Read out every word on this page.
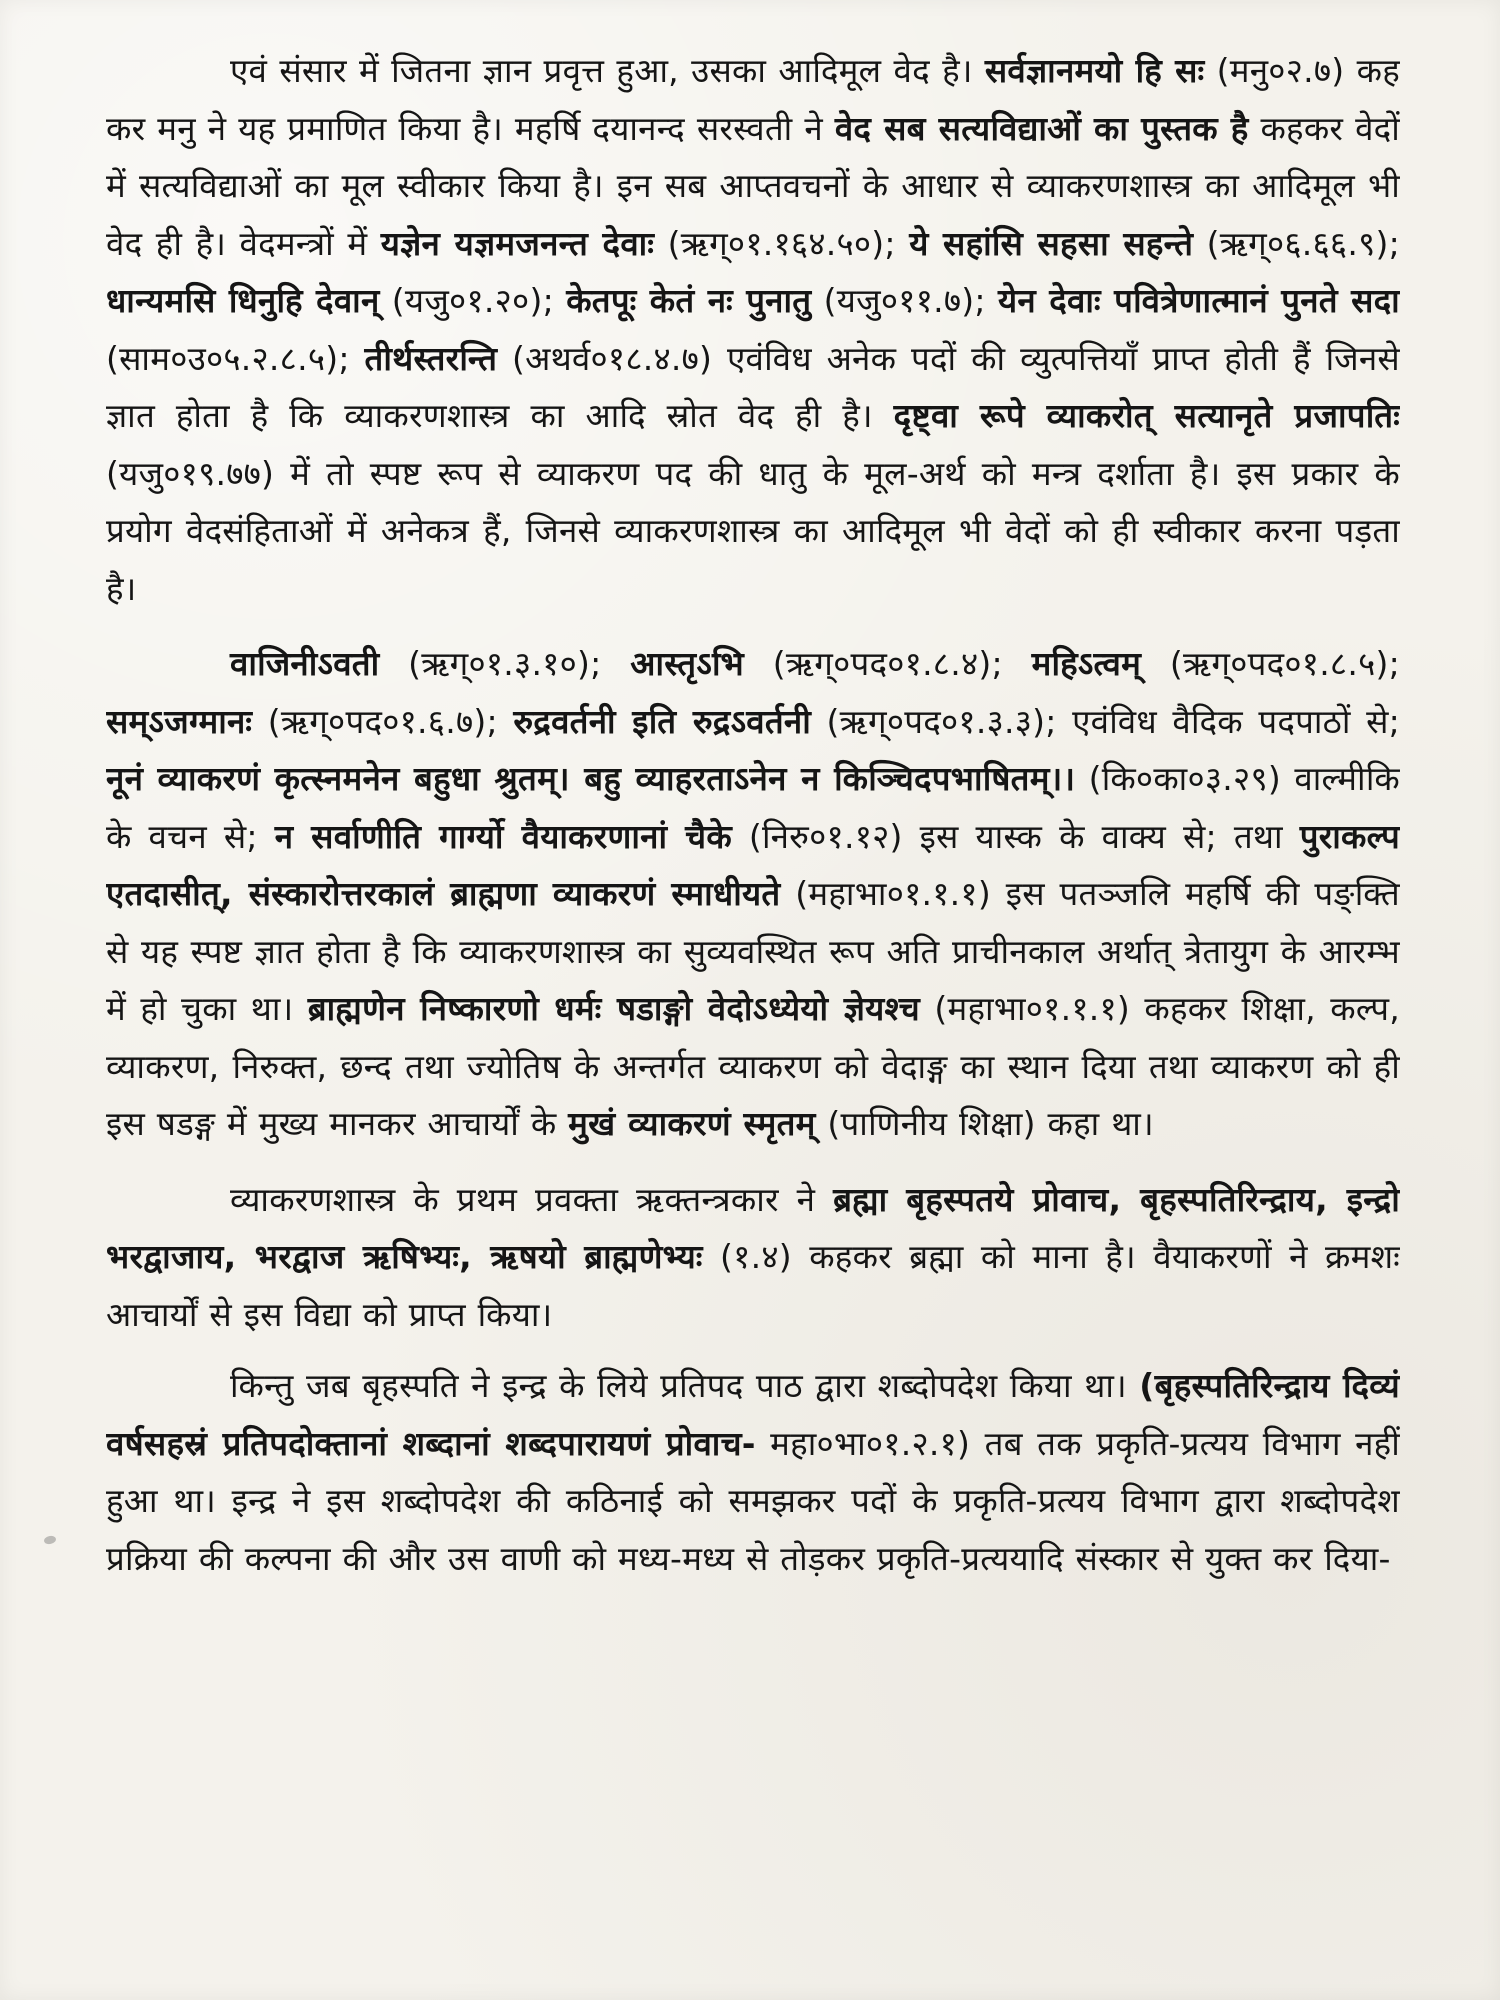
एवं संसार में जितना ज्ञान प्रवृत्त हुआ, उसका आदिमूल वेद है। सर्वज्ञानमयो हि सः (मनु०२.७) कह कर मनु ने यह प्रमाणित किया है। महर्षि दयानन्द सरस्वती ने वेद सब सत्यविद्याओं का पुस्तक है कहकर वेदों में सत्यविद्याओं का मूल स्वीकार किया है। इन सब आप्तवचनों के आधार से व्याकरणशास्त्र का आदिमूल भी वेद ही है। वेदमन्त्रों में यज्ञेन यज्ञमजनन्त देवाः (ऋग्०१.१६४.५०); ये सहांसि सहसा सहन्ते (ऋग्०६.६६.९); धान्यमसि धिनुहि देवान् (यजु०१.२०); केतपूः केतं नः पुनातु (यजु०११.७); येन देवाः पवित्रेणात्मानं पुनते सदा (साम०उ०५.२.८.५); तीर्थस्तरन्ति (अथर्व०१८.४.७) एवंविध अनेक पदों की व्युत्पत्तियाँ प्राप्त होती हैं जिनसे ज्ञात होता है कि व्याकरणशास्त्र का आदि स्रोत वेद ही है। दृष्ट्वा रूपे व्याकरोत् सत्यानृते प्रजापतिः (यजु०१९.७७) में तो स्पष्ट रूप से व्याकरण पद की धातु के मूल-अर्थ को मन्त्र दर्शाता है। इस प्रकार के प्रयोग वेदसंहिताओं में अनेकत्र हैं, जिनसे व्याकरणशास्त्र का आदिमूल भी वेदों को ही स्वीकार करना पड़ता है।

वाजिनीऽवती (ऋग्०१.३.१०); आस्तृऽभि (ऋग्०पद०१.८.४); महिऽत्वम् (ऋग्०पद०१.८.५); सम्ऽजग्मानः (ऋग्०पद०१.६.७); रुद्रवर्तनी इति रुद्रऽवर्तनी (ऋग्०पद०१.३.३); एवंविध वैदिक पदपाठों से; नूनं व्याकरणं कृत्स्नमनेन बहुधा श्रुतम्। बहु व्याहरताऽनेन न किञ्चिदपभाषितम्।। (कि०का०३.२९) वाल्मीकि के वचन से; न सर्वाणीति गार्ग्यो वैयाकरणानां चैके (निरु०१.१२) इस यास्क के वाक्य से; तथा पुराकल्प एतदासीत्, संस्कारोत्तरकालं ब्राह्मणा व्याकरणं स्माधीयते (महाभा०१.१.१) इस पतञ्जलि महर्षि की पङ्क्ति से यह स्पष्ट ज्ञात होता है कि व्याकरणशास्त्र का सुव्यवस्थित रूप अति प्राचीनकाल अर्थात् त्रेतायुग के आरम्भ में हो चुका था। ब्राह्मणेन निष्कारणो धर्मः षडाङ्गो वेदोऽध्येयो ज्ञेयश्च (महाभा०१.१.१) कहकर शिक्षा, कल्प, व्याकरण, निरुक्त, छन्द तथा ज्योतिष के अन्तर्गत व्याकरण को वेदाङ्ग का स्थान दिया तथा व्याकरण को ही इस षडङ्ग में मुख्य मानकर आचार्यों के मुखं व्याकरणं स्मृतम् (पाणिनीय शिक्षा) कहा था।

व्याकरणशास्त्र के प्रथम प्रवक्ता ऋक्तन्त्रकार ने ब्रह्मा बृहस्पतये प्रोवाच, बृहस्पतिरिन्द्राय, इन्द्रो भरद्वाजाय, भरद्वाज ऋषिभ्यः, ऋषयो ब्राह्मणेभ्यः (१.४) कहकर ब्रह्मा को माना है। वैयाकरणों ने क्रमशः आचार्यों से इस विद्या को प्राप्त किया।

किन्तु जब बृहस्पति ने इन्द्र के लिये प्रतिपद पाठ द्वारा शब्दोपदेश किया था। (बृहस्पतिरिन्द्राय दिव्यं वर्षसहस्रं प्रतिपदोक्तानां शब्दानां शब्दपारायणं प्रोवाच- महा०भा०१.२.१) तब तक प्रकृति-प्रत्यय विभाग नहीं हुआ था। इन्द्र ने इस शब्दोपदेश की कठिनाई को समझकर पदों के प्रकृति-प्रत्यय विभाग द्वारा शब्दोपदेश प्रक्रिया की कल्पना की और उस वाणी को मध्य-मध्य से तोड़कर प्रकृति-प्रत्ययादि संस्कार से युक्त कर दिया-
